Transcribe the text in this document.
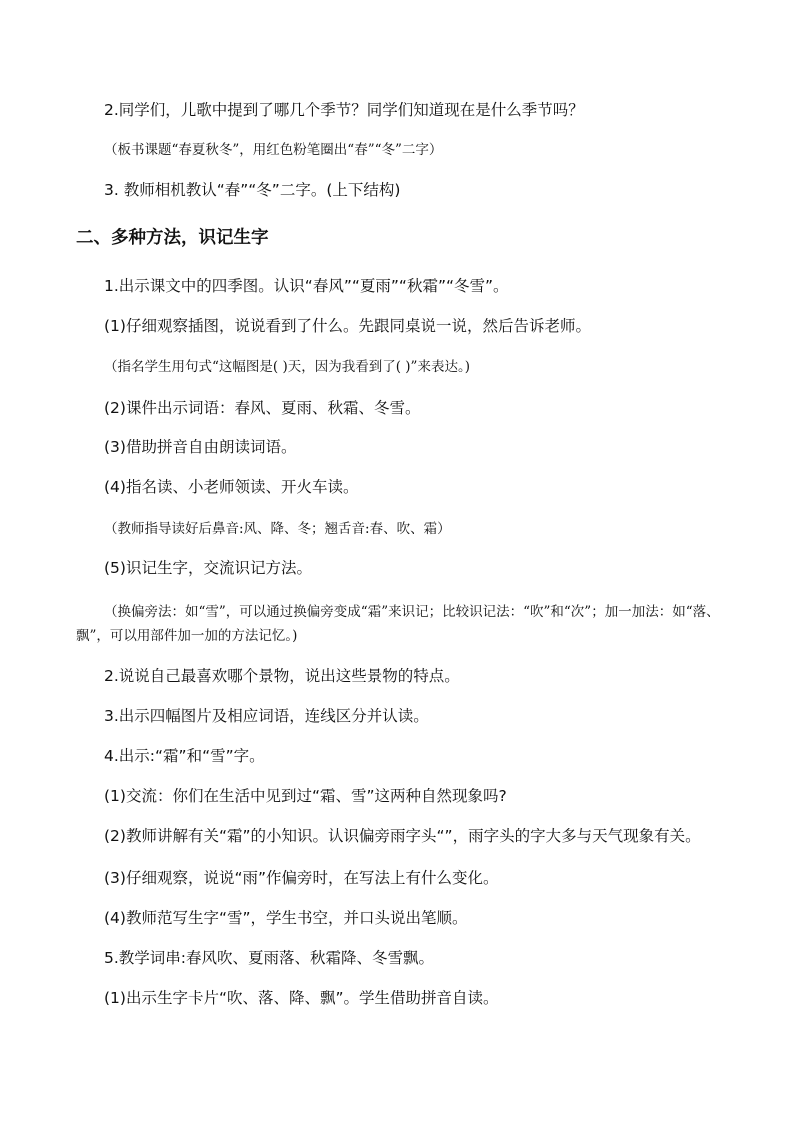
2.同学们，儿歌中提到了哪几个季节？同学们知道现在是什么季节吗？
（板书课题“春夏秋冬”，用红色粉笔圈出“春”“冬”二字）
3. 教师相机教认“春”“冬”二字。(上下结构)
二、多种方法，识记生字
1.出示课文中的四季图。认识“春风”“夏雨”“秋霜”“冬雪”。
(1)仔细观察插图，说说看到了什么。先跟同桌说一说，然后告诉老师。
（指名学生用句式“这幅图是( )天，因为我看到了( )”来表达。)
(2)课件出示词语：春风、夏雨、秋霜、冬雪。
(3)借助拼音自由朗读词语。
(4)指名读、小老师领读、开火车读。
（教师指导读好后鼻音:风、降、冬；翘舌音:春、吹、霜）
(5)识记生字，交流识记方法。
（换偏旁法：如“雪”，可以通过换偏旁变成“霜”来识记；比较识记法：“吹”和“次”；加一加法：如“落、飘”，可以用部件加一加的方法记忆。)
2.说说自己最喜欢哪个景物，说出这些景物的特点。
3.出示四幅图片及相应词语，连线区分并认读。
4.出示:“霜”和“雪”字。
(1)交流：你们在生活中见到过“霜、雪”这两种自然现象吗?
(2)教师讲解有关“霜”的小知识。认识偏旁雨字头“”，雨字头的字大多与天气现象有关。
(3)仔细观察，说说“雨”作偏旁时，在写法上有什么变化。
(4)教师范写生字“雪”，学生书空，并口头说出笔顺。
5.教学词串:春风吹、夏雨落、秋霜降、冬雪飘。
(1)出示生字卡片“吹、落、降、飘”。学生借助拼音自读。
